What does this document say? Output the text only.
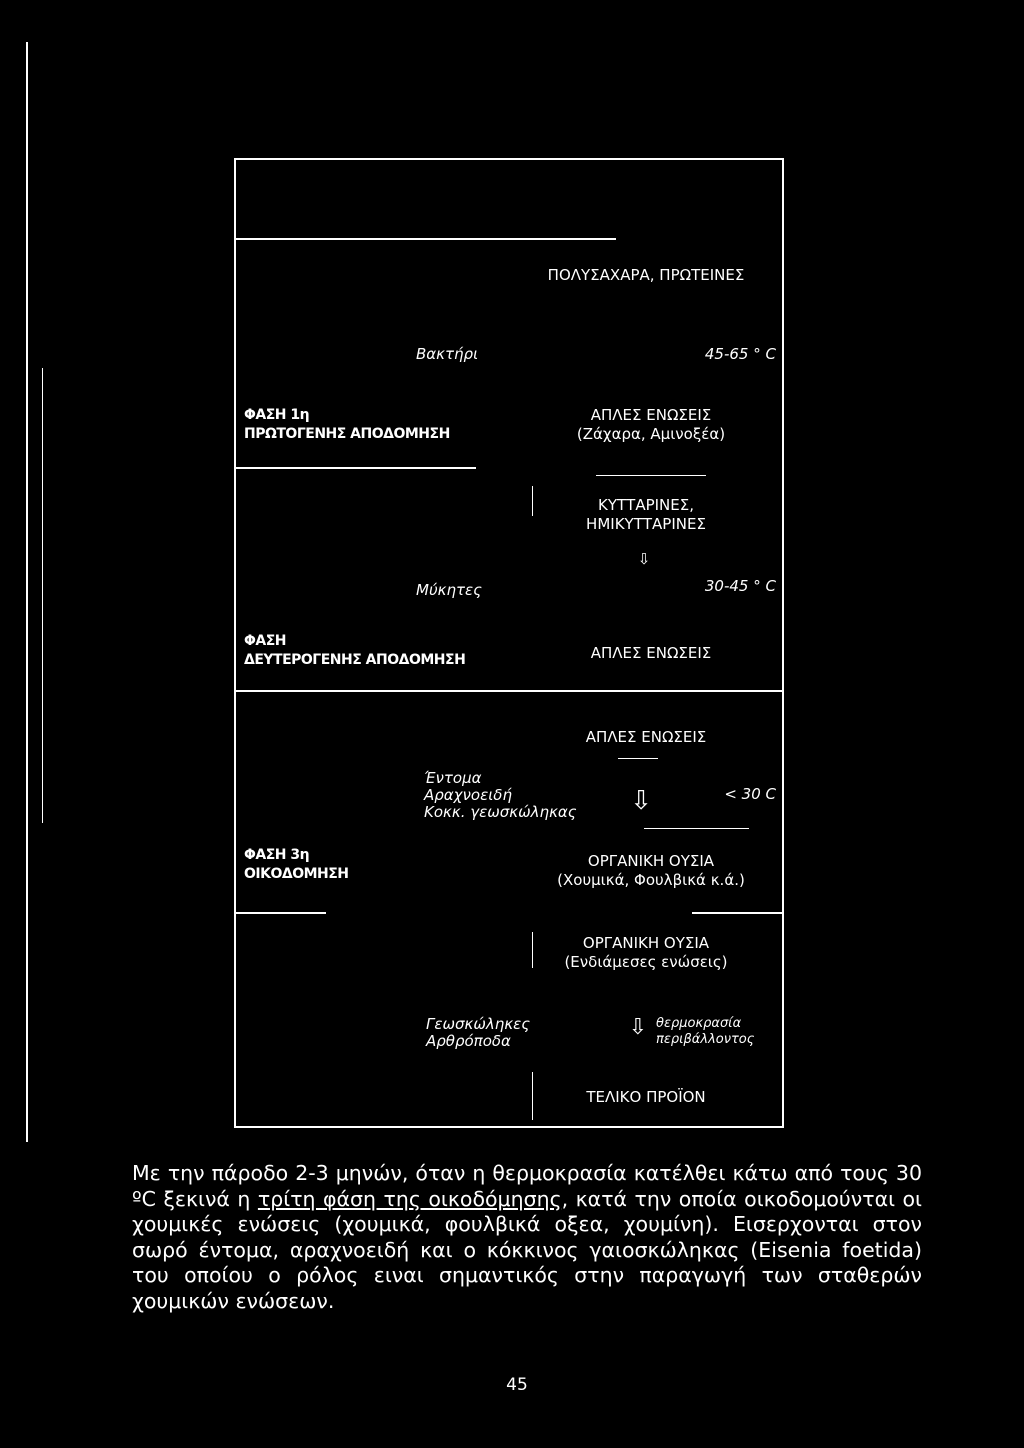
ΠΟΛΥΣΑΧΑΡΑ, ΠΡΩΤΕΙΝΕΣ
Βακτήρι	45-65 ° C
ΦΑΣΗ 1η
ΠΡΩΤΟΓΕΝΗΣ ΑΠΟΔΟΜΗΣΗ
ΑΠΛΕΣ ΕΝΩΣΕΙΣ
(Ζάχαρα, Αμινοξέα)
ΚΥΤΤΑΡΙΝΕΣ,
ΗΜΙΚΥΤΤΑΡΙΝΕΣ
Μύκητες
⇩
30-45 ° C
ΦΑΣΗ
ΔΕΥΤΕΡΟΓΕΝΗΣ ΑΠΟΔΟΜΗΣΗ	ΑΠΛΕΣ ΕΝΩΣΕΙΣ
ΑΠΛΕΣ ΕΝΩΣΕΙΣ
Έντομα
Αραχνοειδή
Κοκκ. γεωσκώληκας	⇩	< 30 C
ΦΑΣΗ 3η
ΟΙΚΟΔΟΜΗΣΗ
ΟΡΓΑΝΙΚΗ ΟΥΣΙΑ
(Χουμικά, Φουλβικά κ.ά.)
ΟΡΓΑΝΙΚΗ ΟΥΣΙΑ
(Ενδιάμεσες ενώσεις)
Γεωσκώληκες
Αρθρόποδα
⇩ θερμοκρασία
περιβάλλοντος
ΤΕΛΙΚΟ ΠΡΟΪΟΝ
Με την πάροδο 2-3 μηνών, όταν η θερμοκρασία κατέλθει κάτω από τους 30 ºC ξεκινά η τρίτη φάση της οικοδόμησης, κατά την οποία οικοδομούνται οι χουμικές ενώσεις (χουμικά, φουλβικά οξεα, χουμίνη). Εισερχονται στον σωρό έντομα, αραχνοειδή και ο κόκκινος γαιοσκώληκας (Eisenia foetida) του οποίου ο ρόλος ειναι σημαντικός στην παραγωγή των σταθερών χουμικών ενώσεων.
45
